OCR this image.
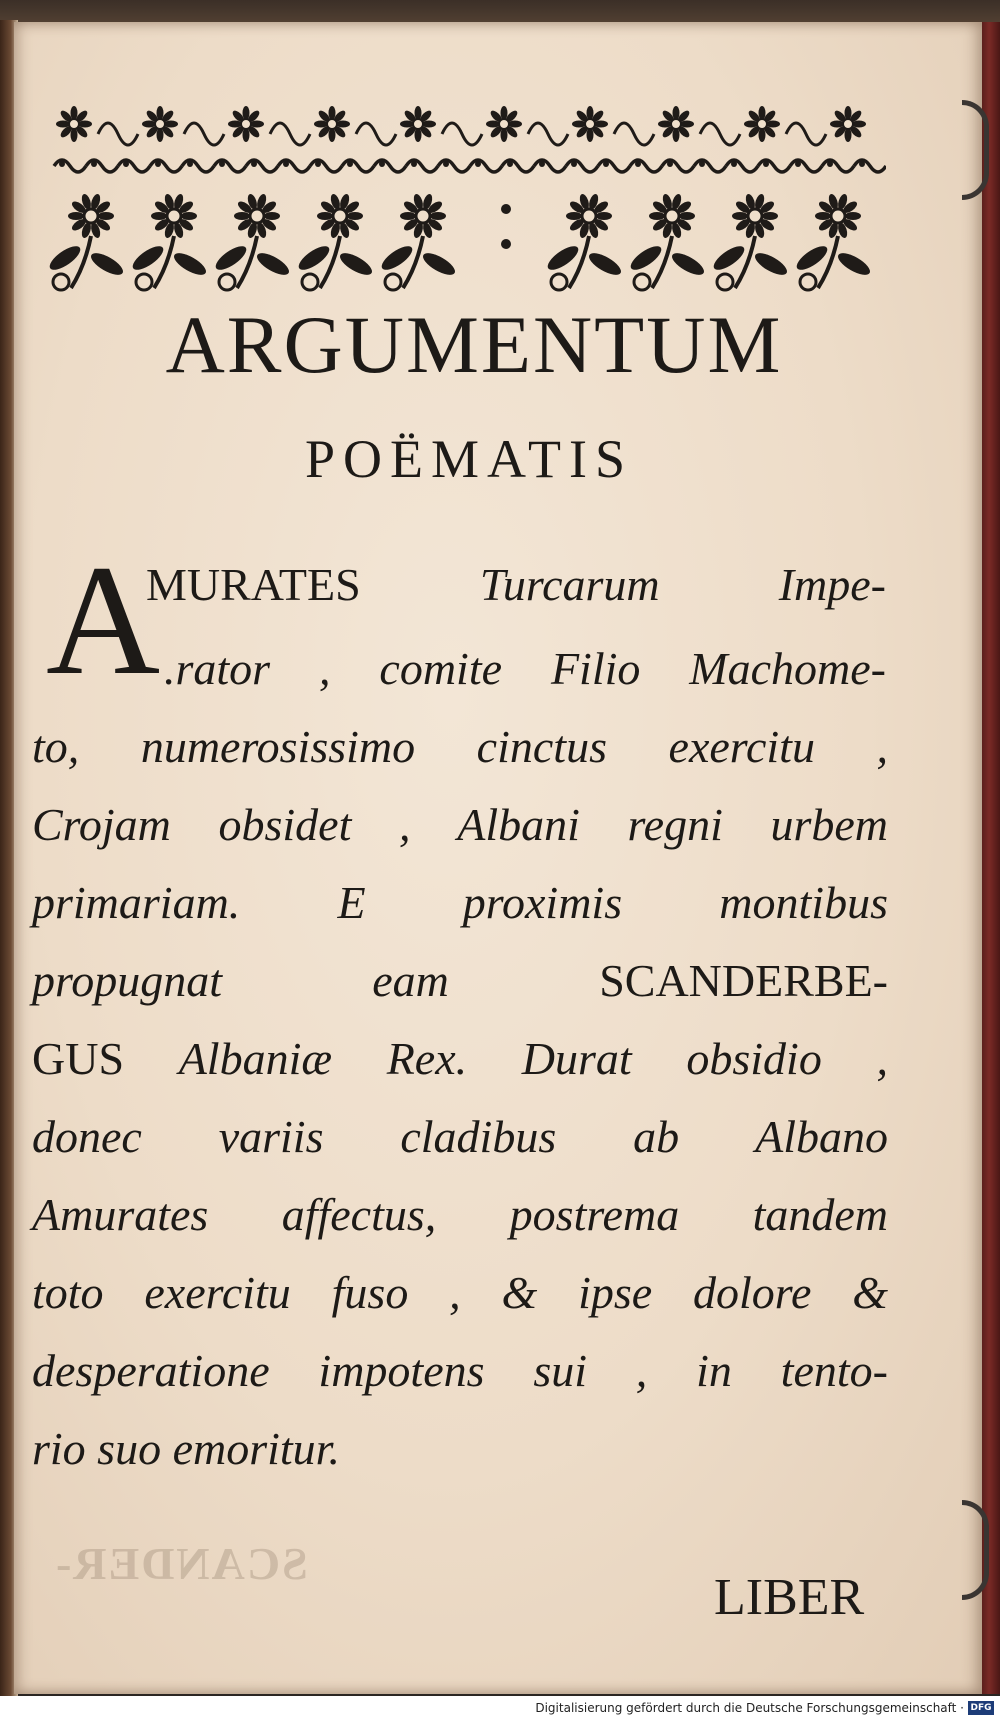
ARGUMENTUM
POËMATIS
A
MURATES Turcarum Impe-
.rator , comite Filio Machome-
to, numerosissimo cinctus exercitu ,
Crojam obsidet , Albani regni urbem
primariam. E proximis montibus
propugnat eam SCANDERBE-
GUS Albaniæ Rex. Durat obsidio ,
donec variis cladibus ab Albano
Amurates affectus, postrema tandem
toto exercitu fuso , & ipse dolore &
desperatione impotens sui , in tento-
rio suo emoritur.
SCANDER-
LIBER
Digitalisierung gefördert durch die Deutsche Forschungsgemeinschaft · DFG
